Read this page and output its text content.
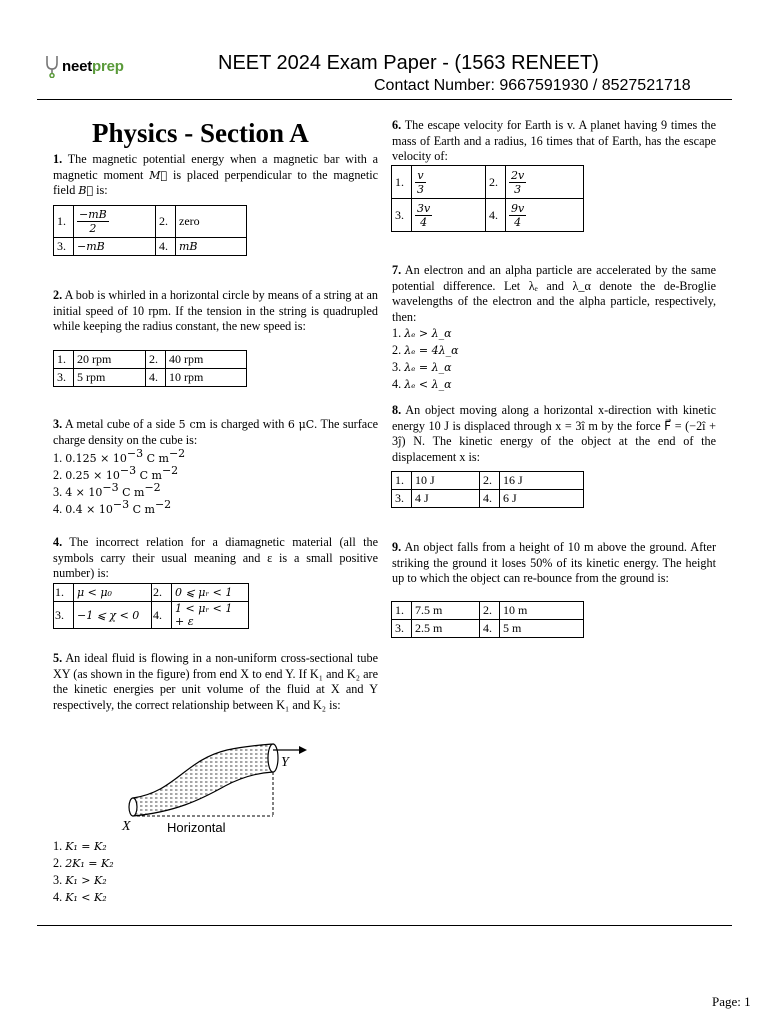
neetprep	NEET 2024 Exam Paper - (1563 RENEET)
Contact Number: 9667591930 / 8527521718
Physics - Section A
1. The magnetic potential energy when a magnetic bar with a magnetic moment M⃗ is placed perpendicular to the magnetic field B⃗ is:
1.	$\frac{-mB}{2}$	2.	zero
3.	−mB	4.	mB
2. A bob is whirled in a horizontal circle by means of a string at an initial speed of 10 rpm. If the tension in the string is quadrupled while keeping the radius constant, the new speed is:
1.	20 rpm	2.	40 rpm
3.	5 rpm	4.	10 rpm
3. A metal cube of a side 5 cm is charged with 6 μC. The surface charge density on the cube is:
1. $0.125 \times 10^{-3}$ C $m^{-2}$
2. $0.25 \times 10^{-3}$ C $m^{-2}$
3. $4 \times 10^{-3}$ C $m^{-2}$
4. $0.4 \times 10^{-3}$ C $m^{-2}$
4. The incorrect relation for a diamagnetic material (all the symbols carry their usual meaning and ε is a small positive number) is:
1.	μ < μ₀	2.	0 ⩽ μᵣ < 1
3.	−1 ⩽ χ < 0	4.	1 < μᵣ < 1 + ε
5. An ideal fluid is flowing in a non-uniform cross-sectional tube XY (as shown in the figure) from end X to end Y. If K₁ and K₂ are the kinetic energies per unit volume of the fluid at X and Y respectively, the correct relationship between K₁ and K₂ is:
X
Y
Horizontal
1. K₁ = K₂
2. 2K₁ = K₂
3. K₁ > K₂
4. K₁ < K₂
6. The escape velocity for Earth is v. A planet having 9 times the mass of Earth and a radius, 16 times that of Earth, has the escape velocity of:
1.	$\frac{v}{3}$	2.	$\frac{2v}{3}$

3.	$\frac{3v}{4}$	4.	$\frac{9v}{4}$
7. An electron and an alpha particle are accelerated by the same potential difference. Let λₑ and λ_α denote the de-Broglie wavelengths of the electron and the alpha particle, respectively, then:
1. λₑ > λ_α
2. λₑ = 4λ_α
3. λₑ = λ_α
4. λₑ < λ_α
8. An object moving along a horizontal x-direction with kinetic energy 10 J is displaced through x = 3î m by the force F⃗ = (−2î + 3ĵ) N. The kinetic energy of the object at the end of the displacement x is:
1.	10 J	2.	16 J
3.	4 J	4.	6 J
9. An object falls from a height of 10 m above the ground. After striking the ground it loses 50% of its kinetic energy. The height up to which the object can re-bounce from the ground is:
1.	7.5 m	2.	10 m
3.	2.5 m	4.	5 m
Page: 1
